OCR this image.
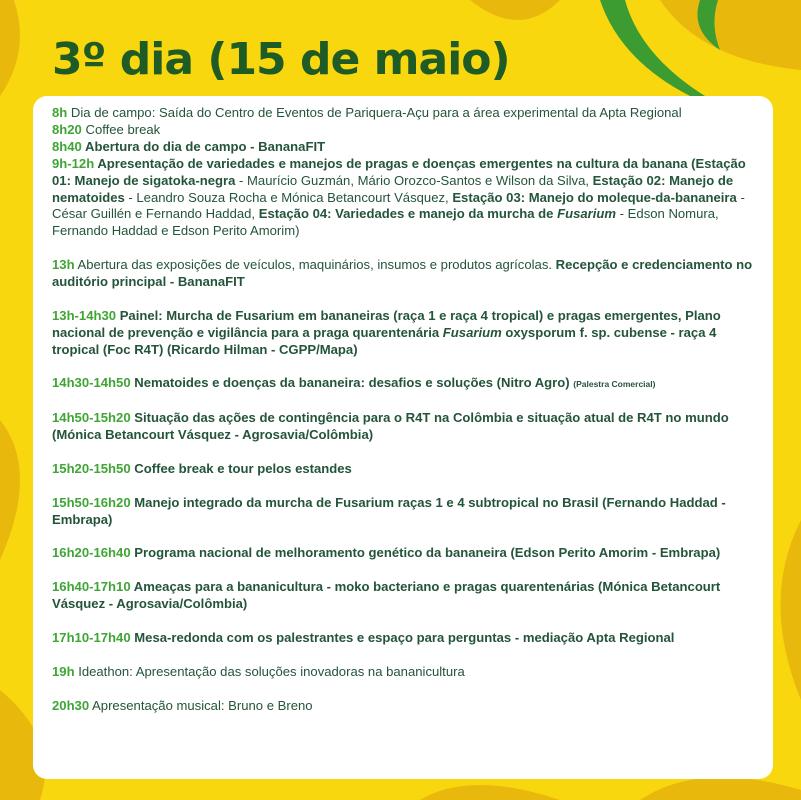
3º dia (15 de maio)

8h Dia de campo: Saída do Centro de Eventos de Pariquera-Açu para a área experimental da Apta Regional

8h20 Coffee break

8h40 Abertura do dia de campo - BananaFIT

9h-12h Apresentação de variedades e manejos de pragas e doenças emergentes na cultura da banana (Estação 01: Manejo de sigatoka-negra - Maurício Guzmán, Mário Orozco-Santos e Wilson da Silva, Estação 02: Manejo de nematoides - Leandro Souza Rocha e Mónica Betancourt Vásquez, Estação 03: Manejo do moleque-da-bananeira - César Guillén e Fernando Haddad, Estação 04: Variedades e manejo da murcha de Fusarium - Edson Nomura, Fernando Haddad e Edson Perito Amorim)

13h Abertura das exposições de veículos, maquinários, insumos e produtos agrícolas. Recepção e credenciamento no auditório principal - BananaFIT

13h-14h30 Painel: Murcha de Fusarium em bananeiras (raça 1 e raça 4 tropical) e pragas emergentes, Plano nacional de prevenção e vigilância para a praga quarentenária Fusarium oxysporum f. sp. cubense - raça 4 tropical (Foc R4T) (Ricardo Hilman - CGPP/Mapa)

14h30-14h50 Nematoides e doenças da bananeira: desafios e soluções (Nitro Agro) (Palestra Comercial)

14h50-15h20 Situação das ações de contingência para o R4T na Colômbia e situação atual de R4T no mundo (Mónica Betancourt Vásquez - Agrosavia/Colômbia)

15h20-15h50 Coffee break e tour pelos estandes

15h50-16h20 Manejo integrado da murcha de Fusarium raças 1 e 4 subtropical no Brasil (Fernando Haddad - Embrapa)

16h20-16h40 Programa nacional de melhoramento genético da bananeira (Edson Perito Amorim - Embrapa)

16h40-17h10 Ameaças para a bananicultura - moko bacteriano e pragas quarentenárias (Mónica Betancourt Vásquez - Agrosavia/Colômbia)

17h10-17h40 Mesa-redonda com os palestrantes e espaço para perguntas - mediação Apta Regional

19h Ideathon: Apresentação das soluções inovadoras na bananicultura

20h30 Apresentação musical: Bruno e Breno
